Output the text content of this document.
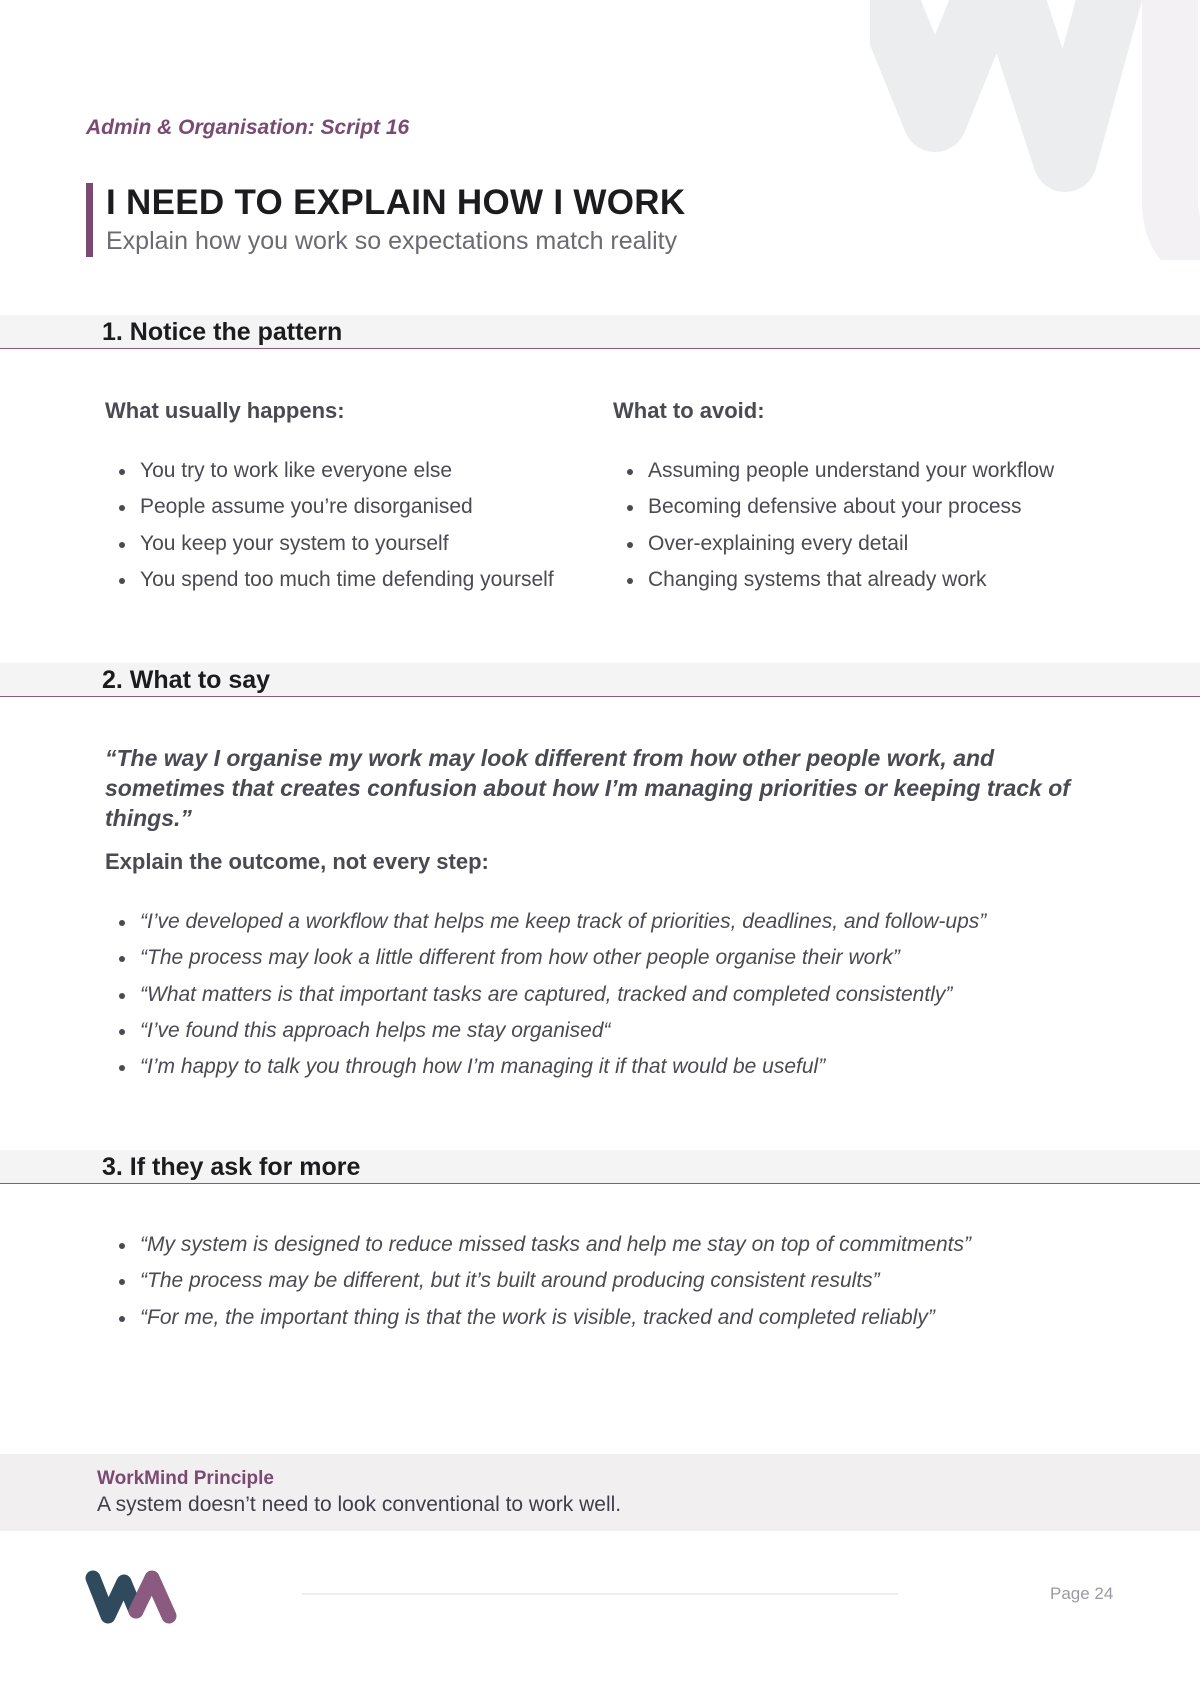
Admin & Organisation: Script 16

I NEED TO EXPLAIN HOW I WORK

Explain how you work so expectations match reality

1. Notice the pattern
What usually happens:
You try to work like everyone else
People assume you’re disorganised
You keep your system to yourself
You spend too much time defending yourself
What to avoid:
Assuming people understand your workflow
Becoming defensive about your process
Over-explaining every detail
Changing systems that already work
2. What to say

“The way I organise my work may look different from how other people work, and sometimes that creates confusion about how I’m managing priorities or keeping track of things.”

Explain the outcome, not every step:
“I’ve developed a workflow that helps me keep track of priorities, deadlines, and follow-ups”
“The process may look a little different from how other people organise their work”
“What matters is that important tasks are captured, tracked and completed consistently”
“I’ve found this approach helps me stay organised“
“I’m happy to talk you through how I’m managing it if that would be useful”
3. If they ask for more
“My system is designed to reduce missed tasks and help me stay on top of commitments”
“The process may be different, but it’s built around producing consistent results”
“For me, the important thing is that the work is visible, tracked and completed reliably”

WorkMind Principle

A system doesn’t need to look conventional to work well.

Page 24
